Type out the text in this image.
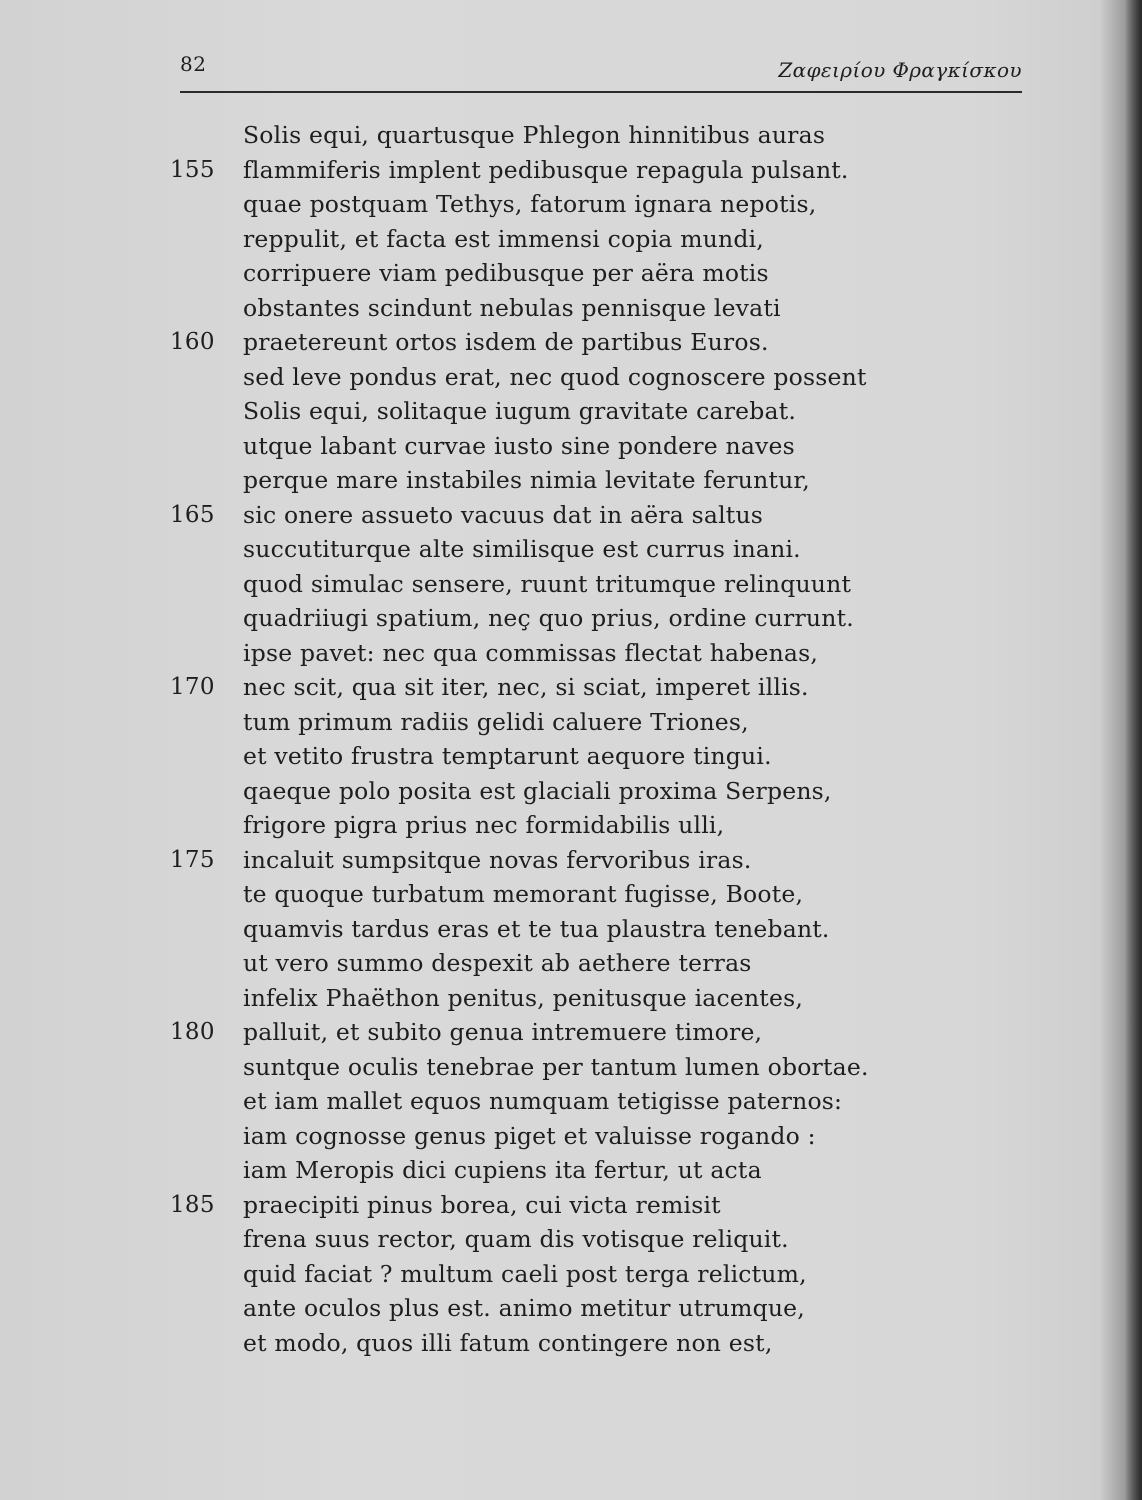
82	Ζαφειρίου Φραγκίσκου
Solis equi, quartusque Phlegon hinnitibus auras
155	flammiferis implent pedibusque repagula pulsant.
quae postquam Tethys, fatorum ignara nepotis,
reppulit, et facta est immensi copia mundi,
corripuere viam pedibusque per aëra motis
obstantes scindunt nebulas pennisque levati
160	praetereunt ortos isdem de partibus Euros.
sed leve pondus erat, nec quod cognoscere possent
Solis equi, solitaque iugum gravitate carebat.
utque labant curvae iusto sine pondere naves
perque mare instabiles nimia levitate feruntur,
165	sic onere assueto vacuus dat in aëra saltus
succutiturque alte similisque est currus inani.
quod simulac sensere, ruunt tritumque relinquunt
quadriiugi spatium, neç quo prius, ordine currunt.
ipse pavet: nec qua commissas flectat habenas,
170	nec scit, qua sit iter, nec, si sciat, imperet illis.
tum primum radiis gelidi caluere Triones,
et vetito frustra temptarunt aequore tingui.
qaeque polo posita est glaciali proxima Serpens,
frigore pigra prius nec formidabilis ulli,
175	incaluit sumpsitque novas fervoribus iras.
te quoque turbatum memorant fugisse, Boote,
quamvis tardus eras et te tua plaustra tenebant.
ut vero summo despexit ab aethere terras
infelix Phaëthon penitus, penitusque iacentes,
180	palluit, et subito genua intremuere timore,
suntque oculis tenebrae per tantum lumen obortae.
et iam mallet equos numquam tetigisse paternos:
iam cognosse genus piget et valuisse rogando :
iam Meropis dici cupiens ita fertur, ut acta
185	praecipiti pinus borea, cui victa remisit
frena suus rector, quam dis votisque reliquit.
quid faciat ? multum caeli post terga relictum,
ante oculos plus est. animo metitur utrumque,
et modo, quos illi fatum contingere non est,
